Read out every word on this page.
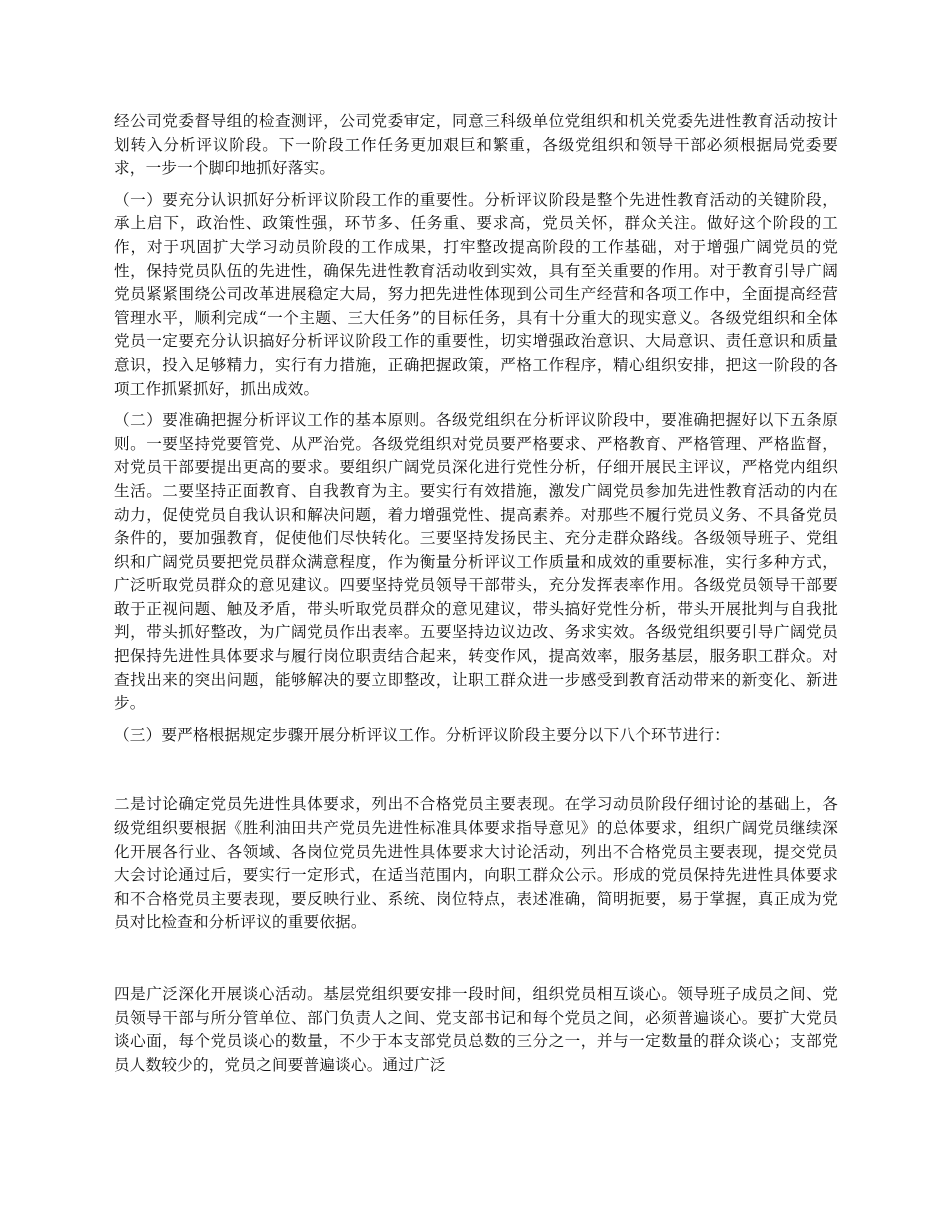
经公司党委督导组的检查测评，公司党委审定，同意三科级单位党组织和机关党委先进性教育活动按计划转入分析评议阶段。下一阶段工作任务更加艰巨和繁重，各级党组织和领导干部必须根据局党委要求，一步一个脚印地抓好落实。

（一）要充分认识抓好分析评议阶段工作的重要性。分析评议阶段是整个先进性教育活动的关键阶段，承上启下，政治性、政策性强，环节多、任务重、要求高，党员关怀，群众关注。做好这个阶段的工作，对于巩固扩大学习动员阶段的工作成果，打牢整改提高阶段的工作基础，对于增强广阔党员的党性，保持党员队伍的先进性，确保先进性教育活动收到实效，具有至关重要的作用。对于教育引导广阔党员紧紧围绕公司改革进展稳定大局，努力把先进性体现到公司生产经营和各项工作中，全面提高经营管理水平，顺利完成“一个主题、三大任务”的目标任务，具有十分重大的现实意义。各级党组织和全体党员一定要充分认识搞好分析评议阶段工作的重要性，切实增强政治意识、大局意识、责任意识和质量意识，投入足够精力，实行有力措施，正确把握政策，严格工作程序，精心组织安排，把这一阶段的各项工作抓紧抓好，抓出成效。

（二）要准确把握分析评议工作的基本原则。各级党组织在分析评议阶段中，要准确把握好以下五条原则。一要坚持党要管党、从严治党。各级党组织对党员要严格要求、严格教育、严格管理、严格监督，对党员干部要提出更高的要求。要组织广阔党员深化进行党性分析，仔细开展民主评议，严格党内组织生活。二要坚持正面教育、自我教育为主。要实行有效措施，激发广阔党员参加先进性教育活动的内在动力，促使党员自我认识和解决问题，着力增强党性、提高素养。对那些不履行党员义务、不具备党员条件的，要加强教育，促使他们尽快转化。三要坚持发扬民主、充分走群众路线。各级领导班子、党组织和广阔党员要把党员群众满意程度，作为衡量分析评议工作质量和成效的重要标准，实行多种方式，广泛听取党员群众的意见建议。四要坚持党员领导干部带头，充分发挥表率作用。各级党员领导干部要敢于正视问题、触及矛盾，带头听取党员群众的意见建议，带头搞好党性分析，带头开展批判与自我批判，带头抓好整改，为广阔党员作出表率。五要坚持边议边改、务求实效。各级党组织要引导广阔党员把保持先进性具体要求与履行岗位职责结合起来，转变作风，提高效率，服务基层，服务职工群众。对查找出来的突出问题，能够解决的要立即整改，让职工群众进一步感受到教育活动带来的新变化、新进步。

（三）要严格根据规定步骤开展分析评议工作。分析评议阶段主要分以下八个环节进行：

二是讨论确定党员先进性具体要求，列出不合格党员主要表现。在学习动员阶段仔细讨论的基础上，各级党组织要根据《胜利油田共产党员先进性标准具体要求指导意见》的总体要求，组织广阔党员继续深化开展各行业、各领域、各岗位党员先进性具体要求大讨论活动，列出不合格党员主要表现，提交党员大会讨论通过后，要实行一定形式，在适当范围内，向职工群众公示。形成的党员保持先进性具体要求和不合格党员主要表现，要反映行业、系统、岗位特点，表述准确，简明扼要，易于掌握，真正成为党员对比检查和分析评议的重要依据。

四是广泛深化开展谈心活动。基层党组织要安排一段时间，组织党员相互谈心。领导班子成员之间、党员领导干部与所分管单位、部门负责人之间、党支部书记和每个党员之间，必须普遍谈心。要扩大党员谈心面，每个党员谈心的数量，不少于本支部党员总数的三分之一，并与一定数量的群众谈心；支部党员人数较少的，党员之间要普遍谈心。通过广泛
